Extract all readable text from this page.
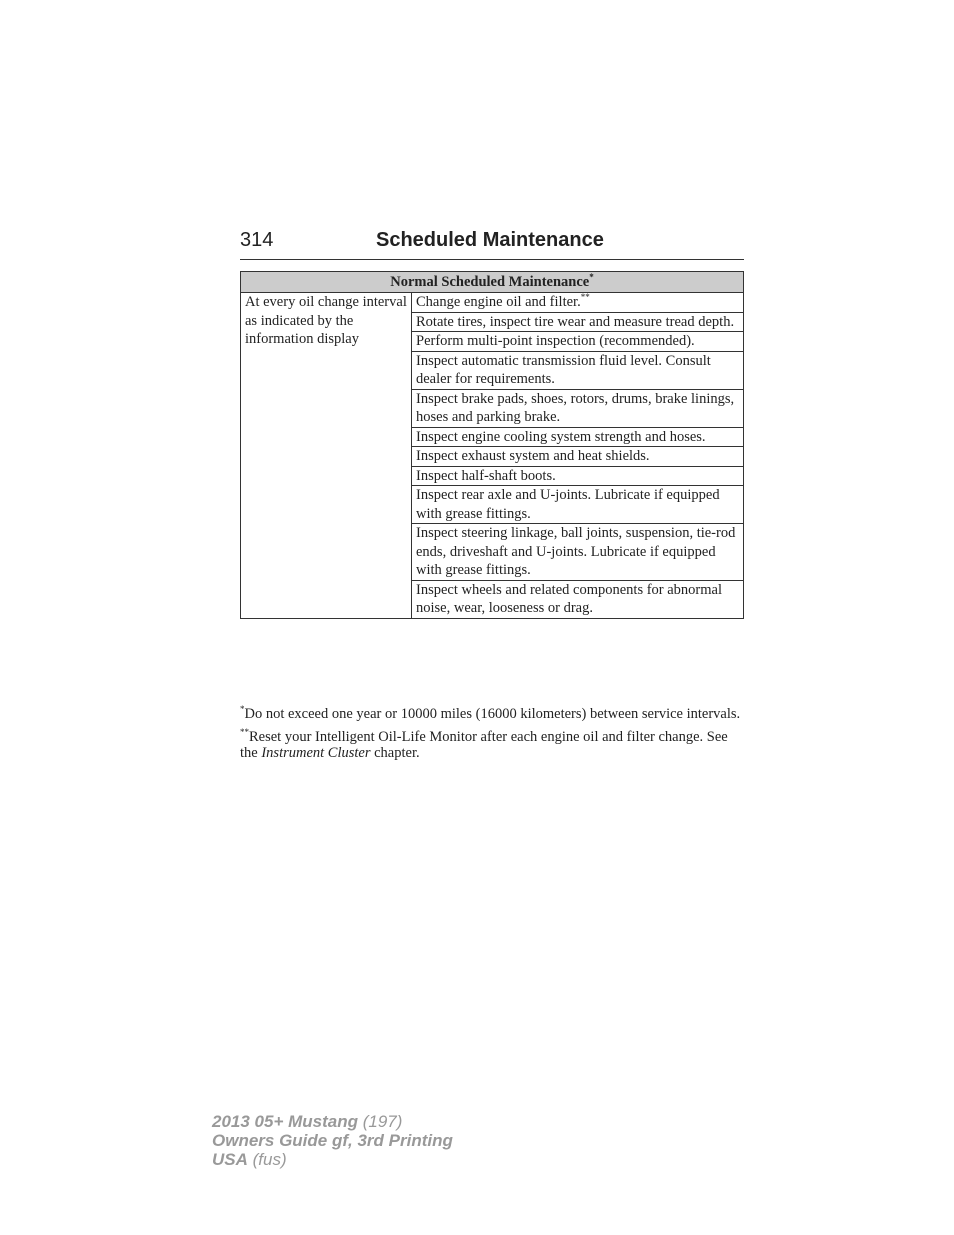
314	Scheduled Maintenance
Normal Scheduled Maintenance*
At every oil change interval as indicated by the information display	Change engine oil and filter.**
Rotate tires, inspect tire wear and measure tread depth.
Perform multi-point inspection (recommended).
Inspect automatic transmission fluid level. Consult dealer for requirements.
Inspect brake pads, shoes, rotors, drums, brake linings, hoses and parking brake.
Inspect engine cooling system strength and hoses.
Inspect exhaust system and heat shields.
Inspect half-shaft boots.
Inspect rear axle and U-joints. Lubricate if equipped with grease fittings.
Inspect steering linkage, ball joints, suspension, tie-rod ends, driveshaft and U-joints. Lubricate if equipped with grease fittings.
Inspect wheels and related components for abnormal noise, wear, looseness or drag.

*Do not exceed one year or 10000 miles (16000 kilometers) between service intervals.

**Reset your Intelligent Oil-Life Monitor after each engine oil and filter change. See the Instrument Cluster chapter.

2013 05+ Mustang (197)
Owners Guide gf, 3rd Printing
USA (fus)
